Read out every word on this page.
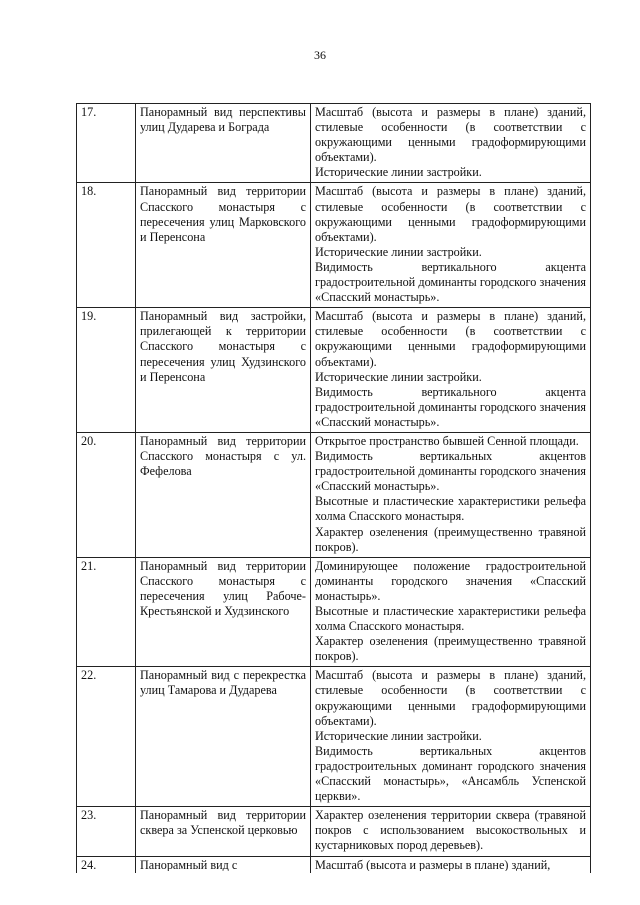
36
17.	Панорамный вид перспективы улиц Дударева и Бограда	Масштаб (высота и размеры в плане) зданий, стилевые особенности (в соответствии с окружающими ценными градоформирующими объектами).

Исторические линии застройки.

18.	Панорамный вид территории Спасского монастыря с пересечения улиц Марковского и Перенсона	Масштаб (высота и размеры в плане) зданий, стилевые особенности (в соответствии с окружающими ценными градоформирующими объектами).

Исторические линии застройки.

Видимость вертикального акцента градостроительной доминанты городского значения «Спасский монастырь».

19.	Панорамный вид застройки, прилегающей к территории Спасского монастыря с пересечения улиц Худзинского и Перенсона	Масштаб (высота и размеры в плане) зданий, стилевые особенности (в соответствии с окружающими ценными градоформирующими объектами).

Исторические линии застройки.

Видимость вертикального акцента градостроительной доминанты городского значения «Спасский монастырь».

20.	Панорамный вид территории Спасского монастыря с ул. Фефелова	Открытое пространство бывшей Сенной площади.

Видимость вертикальных акцентов градостроительной доминанты городского значения «Спасский монастырь».

Высотные и пластические характеристики рельефа холма Спасского монастыря.

Характер озеленения (преимущественно травяной покров).

21.	Панорамный вид территории Спасского монастыря с пересечения улиц Рабоче-Крестьянской и Худзинского	Доминирующее положение градостроительной доминанты городского значения «Спасский монастырь».

Высотные и пластические характеристики рельефа холма Спасского монастыря.

Характер озеленения (преимущественно травяной покров).

22.	Панорамный вид с перекрестка улиц Тамарова и Дударева	Масштаб (высота и размеры в плане) зданий, стилевые особенности (в соответствии с окружающими ценными градоформирующими объектами).

Исторические линии застройки.

Видимость вертикальных акцентов градостроительных доминант городского значения «Спасский монастырь», «Ансамбль Успенской церкви».

23.	Панорамный вид территории сквера за Успенской церковью	Характер озеленения территории сквера (травяной покров с использованием высокоствольных и кустарниковых пород деревьев).

24.	Панорамный вид с	Масштаб (высота и размеры в плане) зданий,
